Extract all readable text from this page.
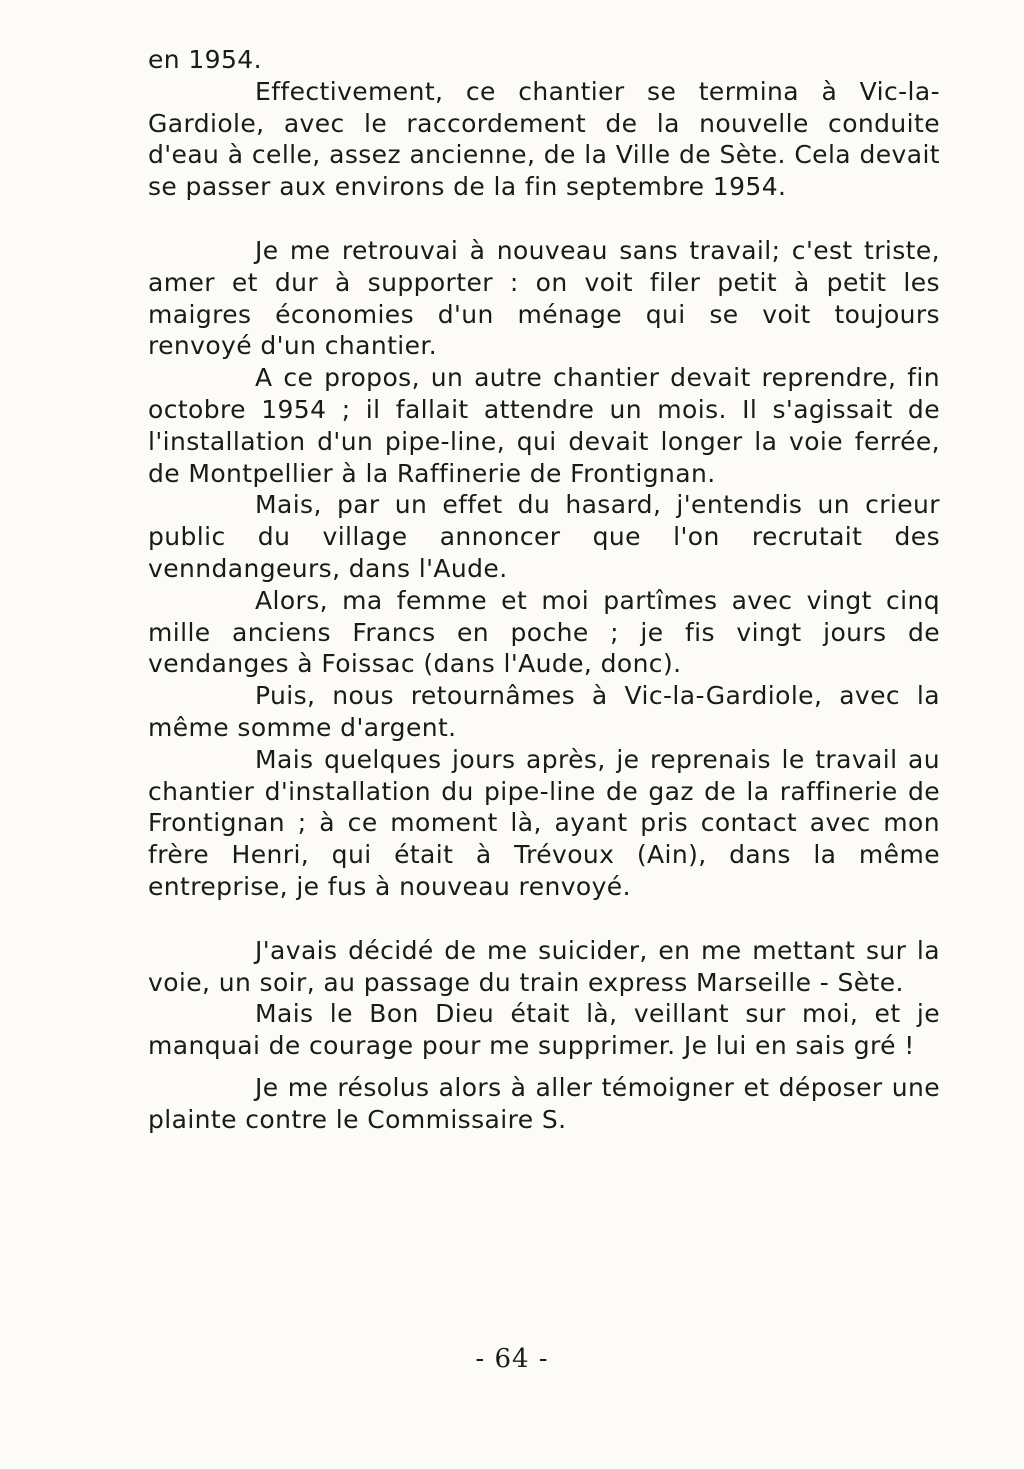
en 1954.

Effectivement, ce chantier se termina à Vic-la-Gardiole, avec le raccordement de la nouvelle conduite d'eau à celle, assez ancienne, de la Ville de Sète. Cela devait se passer aux environs de la fin septembre 1954.

Je me retrouvai à nouveau sans travail; c'est triste, amer et dur à supporter : on voit filer petit à petit les maigres économies d'un ménage qui se voit toujours renvoyé d'un chantier.

A ce propos, un autre chantier devait reprendre, fin octobre 1954 ; il fallait attendre un mois. Il s'agissait de l'installation d'un pipe-line, qui devait longer la voie ferrée, de Montpellier à la Raffinerie de Frontignan.

Mais, par un effet du hasard, j'entendis un crieur public du village annoncer que l'on recrutait des venndangeurs, dans l'Aude.

Alors, ma femme et moi partîmes avec vingt cinq mille anciens Francs en poche ; je fis vingt jours de vendanges à Foissac (dans l'Aude, donc).

Puis, nous retournâmes à Vic-la-Gardiole, avec la même somme d'argent.

Mais quelques jours après, je reprenais le travail au chantier d'installation du pipe-line de gaz de la raffinerie de Frontignan ; à ce moment là, ayant pris contact avec mon frère Henri, qui était à Trévoux (Ain), dans la même entreprise, je fus à nouveau renvoyé.

J'avais décidé de me suicider, en me mettant sur la voie, un soir, au passage du train express Marseille - Sète.

Mais le Bon Dieu était là, veillant sur moi, et je manquai de courage pour me supprimer. Je lui en sais gré !

Je me résolus alors à aller témoigner et déposer une plainte contre le Commissaire S.

- 64 -
